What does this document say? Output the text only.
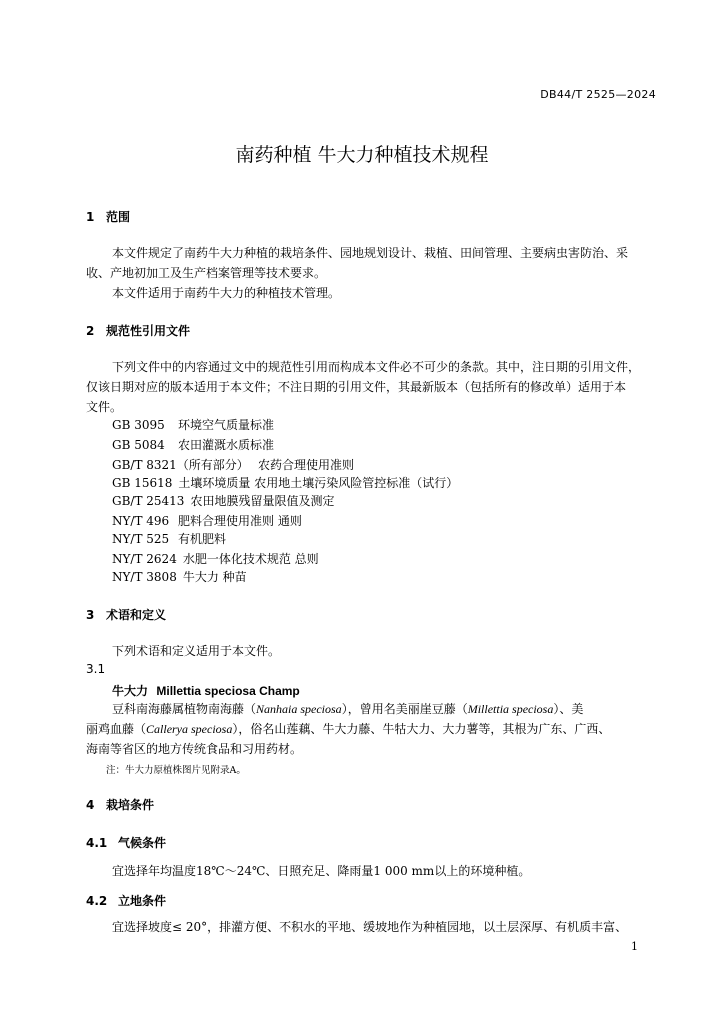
DB44/T 2525—2024
南药种植 牛大力种植技术规程
1 范围
本文件规定了南药牛大力种植的栽培条件、园地规划设计、栽植、田间管理、主要病虫害防治、采
收、产地初加工及生产档案管理等技术要求。
本文件适用于南药牛大力的种植技术管理。
2 规范性引用文件
下列文件中的内容通过文中的规范性引用而构成本文件必不可少的条款。其中，注日期的引用文件，
仅该日期对应的版本适用于本文件；不注日期的引用文件，其最新版本（包括所有的修改单）适用于本
文件。
GB 3095 环境空气质量标准
GB 5084 农田灌溉水质标准
GB/T 8321（所有部分） 农药合理使用准则
GB 15618 土壤环境质量 农用地土壤污染风险管控标准（试行）
GB/T 25413 农田地膜残留量限值及测定
NY/T 496 肥料合理使用准则 通则
NY/T 525 有机肥料
NY/T 2624 水肥一体化技术规范 总则
NY/T 3808 牛大力 种苗
3 术语和定义
下列术语和定义适用于本文件。
3.1
牛大力 Millettia speciosa Champ
豆科南海藤属植物南海藤（Nanhaia speciosa），曾用名美丽崖豆藤（Millettia speciosa）、美
丽鸡血藤（Callerya speciosa），俗名山莲藕、牛大力藤、牛牯大力、大力薯等，其根为广东、广西、
海南等省区的地方传统食品和习用药材。
注：牛大力原植株图片见附录A。
4 栽培条件
4.1 气候条件
宜选择年均温度18℃～24℃、日照充足、降雨量1 000 mm以上的环境种植。
4.2 立地条件
宜选择坡度≤ 20°，排灌方便、不积水的平地、缓坡地作为种植园地，以土层深厚、有机质丰富、
1
